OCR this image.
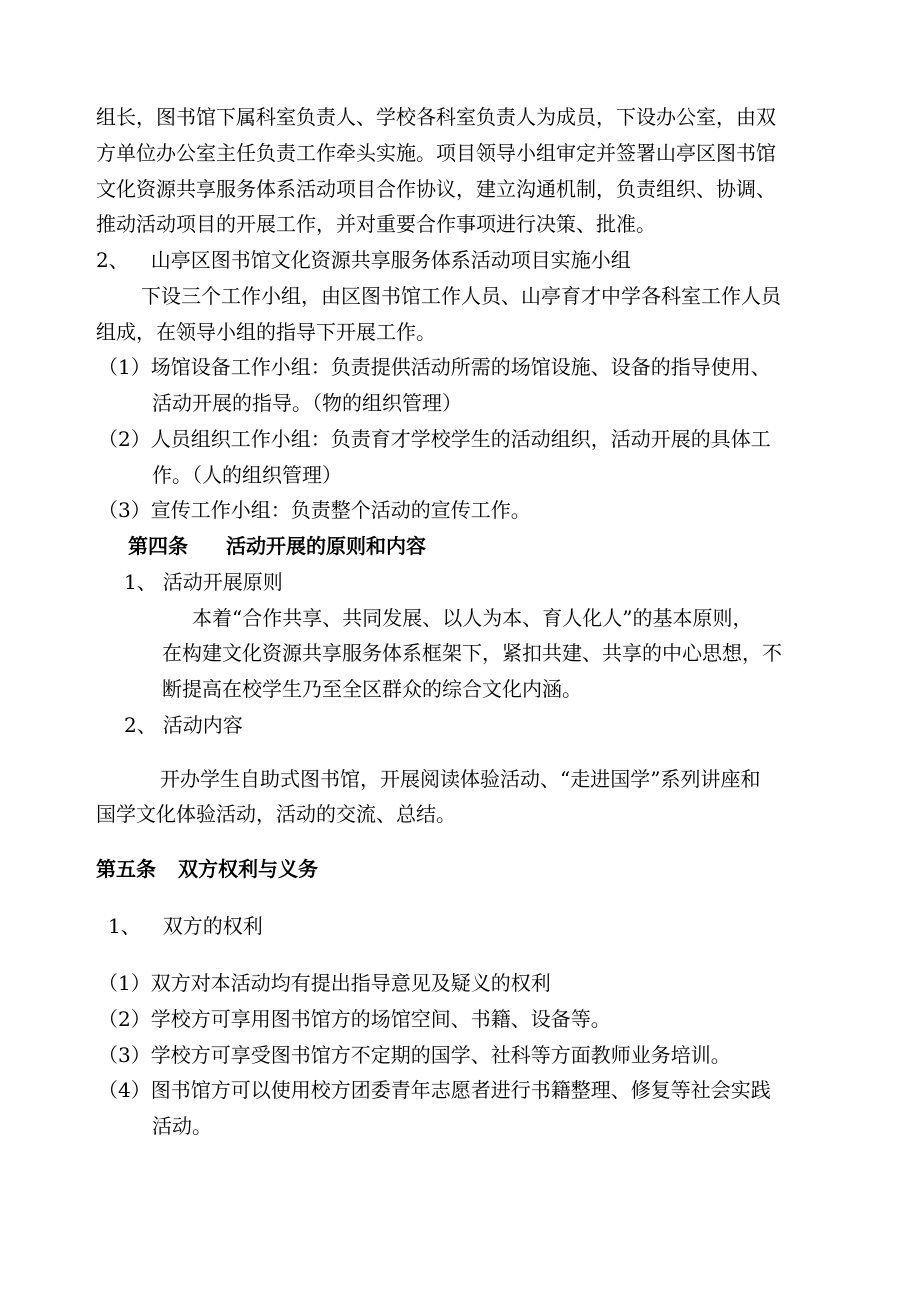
组长，图书馆下属科室负责人、学校各科室负责人为成员，下设办公室，由双
方单位办公室主任负责工作牵头实施。项目领导小组审定并签署山亭区图书馆
文化资源共享服务体系活动项目合作协议，建立沟通机制，负责组织、协调、
推动活动项目的开展工作，并对重要合作事项进行决策、批准。
2、 山亭区图书馆文化资源共享服务体系活动项目实施小组
下设三个工作小组，由区图书馆工作人员、山亭育才中学各科室工作人员
组成，在领导小组的指导下开展工作。
（1）场馆设备工作小组：负责提供活动所需的场馆设施、设备的指导使用、
活动开展的指导。（物的组织管理）
（2）人员组织工作小组：负责育才学校学生的活动组织，活动开展的具体工
作。（人的组织管理）
（3）宣传工作小组：负责整个活动的宣传工作。
第四条 活动开展的原则和内容
1、 活动开展原则
本着“合作共享、共同发展、以人为本、育人化人”的基本原则，
在构建文化资源共享服务体系框架下，紧扣共建、共享的中心思想，不
断提高在校学生乃至全区群众的综合文化内涵。
2、 活动内容
开办学生自助式图书馆，开展阅读体验活动、“走进国学”系列讲座和
国学文化体验活动，活动的交流、总结。
第五条 双方权利与义务
1、 双方的权利
（1）双方对本活动均有提出指导意见及疑义的权利
（2）学校方可享用图书馆方的场馆空间、书籍、设备等。
（3）学校方可享受图书馆方不定期的国学、社科等方面教师业务培训。
（4）图书馆方可以使用校方团委青年志愿者进行书籍整理、修复等社会实践
活动。
